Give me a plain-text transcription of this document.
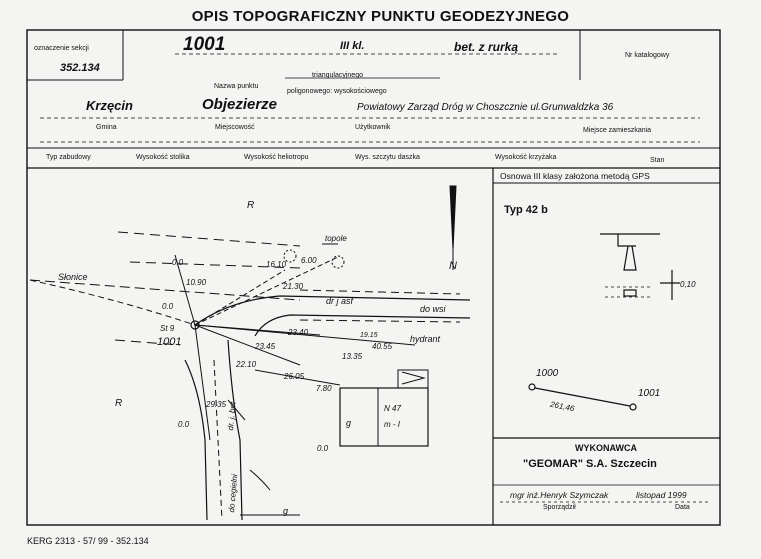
OPIS TOPOGRAFICZNY PUNKTU GEODEZYJNEGO
oznaczenie sekcji
352.134
1001	III kl.	bet. z rurką
Nr katalogowy
triangulacyjnego
Nazwa punktu
poligonowego: wysokościowego
Krzęcin	Objezierze	Powiatowy Zarząd Dróg w Choszcznie ul.Grunwaldzka 36
Gmina	Miejscowość	Użytkownik	Miejsce zamieszkania
Typ zabudowy	Wysokość stolika	Wysokość heliotropu	Wys. szczytu daszka	Wysokość krzyżaka	Stan
R
R
topole
Słonice
do wsi
dr j asf
hydrant
1001
St 9
N 47
m - I
g
g
dr. j. bet
do cegielni
N
0.0
0.0
10.90
16.10 6.00
21.30
23.40	19.15
40.55
13.35
23.45
22.10
26.05
7.80
29.35
0.0
0.0
Osnowa III klasy założona metodą GPS
Typ 42 b
0,10
1000
1001
261,46
WYKONAWCA
"GEOMAR" S.A. Szczecin
mgr inż.Henryk Szymczak	listopad 1999
Sporządził	Data
KERG 2313 - 57/ 99 - 352.134
